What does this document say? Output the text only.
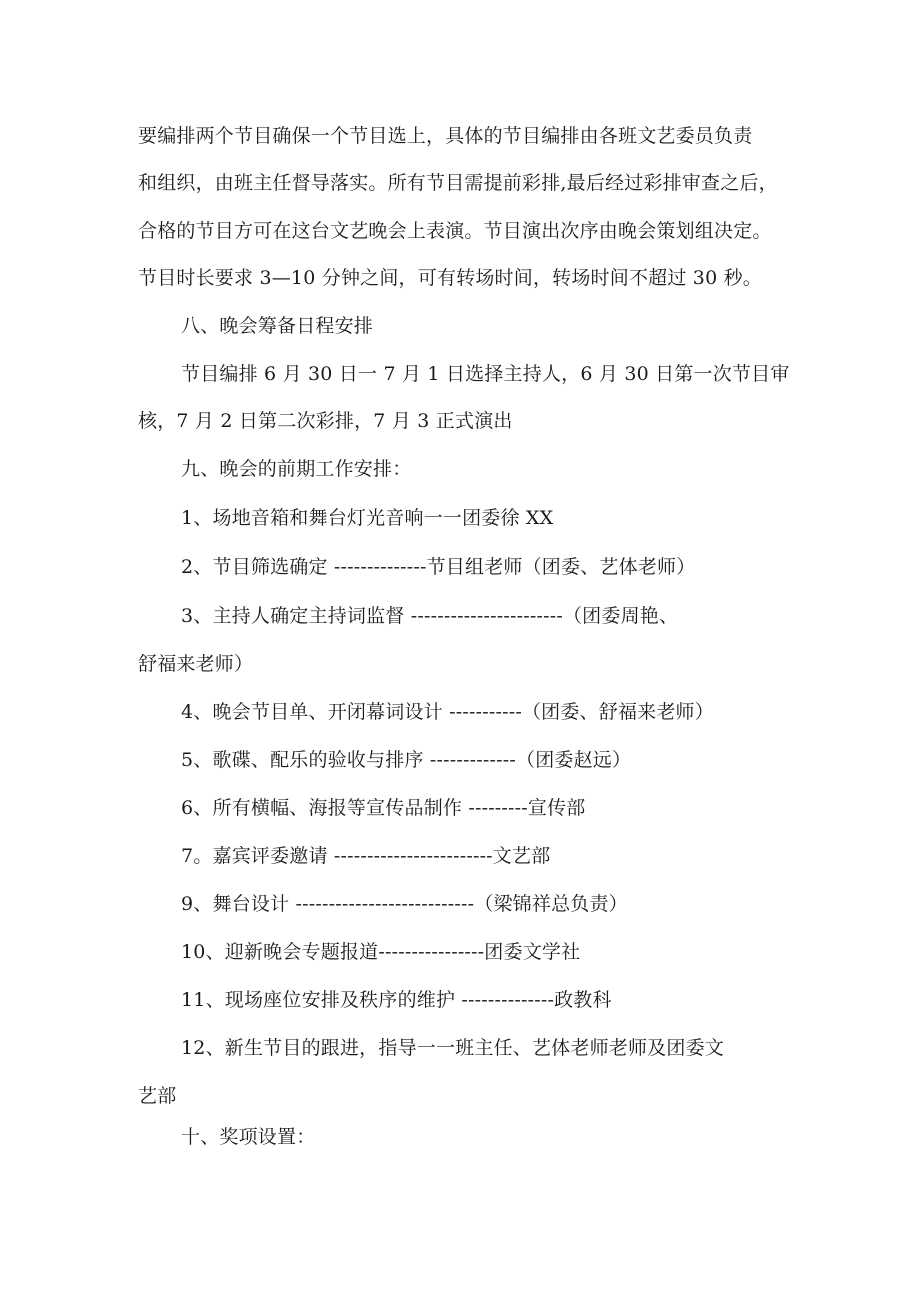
要编排两个节目确保一个节目选上，具体的节目编排由各班文艺委员负责
和组织，由班主任督导落实。所有节目需提前彩排,最后经过彩排审查之后，
合格的节目方可在这台文艺晚会上表演。节目演出次序由晚会策划组决定。
节目时长要求 3—10 分钟之间，可有转场时间，转场时间不超过 30 秒。
八、晚会筹备日程安排
节目编排 6 月 30 日一 7 月 1 日选择主持人，6 月 30 日第一次节目审
核，7 月 2 日第二次彩排，7 月 3 正式演出
九、晚会的前期工作安排：
1、场地音箱和舞台灯光音响一一团委徐 XX
2、节目筛选确定 --------------节目组老师（团委、艺体老师）
3、主持人确定主持词监督 -----------------------（团委周艳、
舒福来老师）
4、晚会节目单、开闭幕词设计 -----------（团委、舒福来老师）
5、歌碟、配乐的验收与排序 -------------（团委赵远）
6、所有横幅、海报等宣传品制作 ---------宣传部
7。嘉宾评委邀请 ------------------------文艺部
9、舞台设计 ---------------------------（梁锦祥总负责）
10、迎新晚会专题报道----------------团委文学社
11、现场座位安排及秩序的维护 --------------政教科
12、新生节目的跟进，指导一一班主任、艺体老师老师及团委文
艺部
十、奖项设置：
